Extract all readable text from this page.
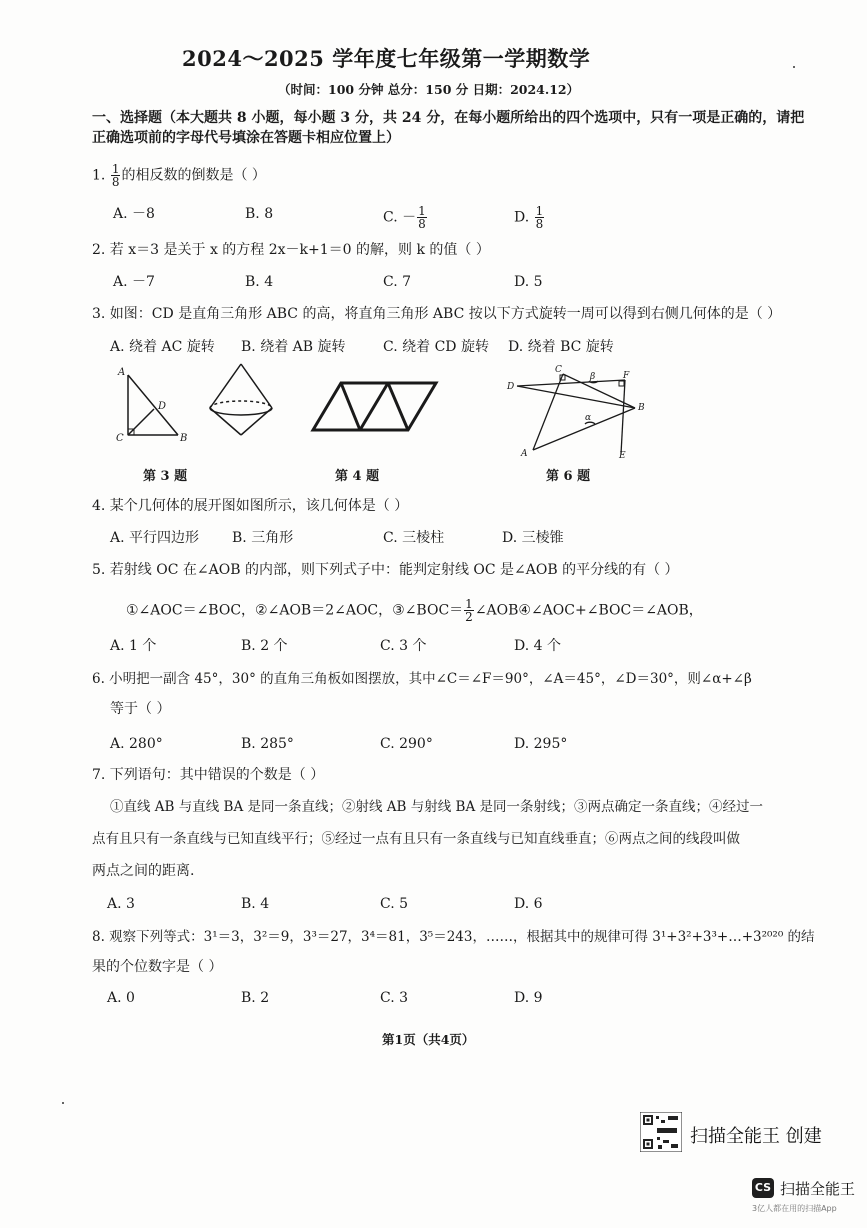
2024～2025 学年度七年级第一学期数学
（时间：100 分钟 总分：150 分 日期：2024.12）
一、选择题（本大题共 8 小题，每小题 3 分，共 24 分，在每小题所给出的四个选项中，只有一项是正确的，请把
正确选项前的字母代号填涂在答题卡相应位置上）
1. $\frac{1}{8}$ 的相反数的倒数是（ ）
A. －8	B. 8	C. － $\frac{1}{8}$	D. $\frac{1}{8}$
2. 若 x＝3 是关于 x 的方程 2x－k+1＝0 的解，则 k 的值（ ）
A. －7	B. 4	C. 7	D. 5
3. 如图：CD 是直角三角形 ABC 的高，将直角三角形 ABC 按以下方式旋转一周可以得到右侧几何体的是（ ）
A. 绕着 AC 旋转 B. 绕着 AB 旋转	C. 绕着 CD 旋转 D. 绕着 BC 旋转
A
D
C	B
C
β	F
D
B
α
A	E
第 3 题	第 4 题	第 6 题
4. 某个几何体的展开图如图所示，该几何体是（ ）
A. 平行四边形 B. 三角形	C. 三棱柱	D. 三棱锥
5. 若射线 OC 在∠AOB 的内部，则下列式子中：能判定射线 OC 是∠AOB 的平分线的有（ ）
①∠AOC＝∠BOC，②∠AOB＝2∠AOC，③∠BOC＝ $\frac{1}{2}$ ∠AOB④∠AOC+∠BOC＝∠AOB，
A. 1 个	B. 2 个	C. 3 个	D. 4 个
6. 小明把一副含 45°，30° 的直角三角板如图摆放，其中∠C＝∠F＝90°，∠A＝45°，∠D＝30°，则∠α+∠β
等于（ ）
A. 280°	B. 285°	C. 290°	D. 295°
7. 下列语句：其中错误的个数是（ ）
①直线 AB 与直线 BA 是同一条直线；②射线 AB 与射线 BA 是同一条射线；③两点确定一条直线；④经过一
点有且只有一条直线与已知直线平行；⑤经过一点有且只有一条直线与已知直线垂直；⑥两点之间的线段叫做
两点之间的距离.
A. 3	B. 4	C. 5	D. 6
8. 观察下列等式：3¹＝3，3²＝9，3³＝27，3⁴＝81，3⁵＝243，……，根据其中的规律可得 3¹+3²+3³+…+3²⁰²⁰ 的结
果的个位数字是（ ）
A. 0	B. 2	C. 3	D. 9
第1页（共4页）
扫描全能王 创建
CS 扫描全能王
3亿人都在用的扫描App
